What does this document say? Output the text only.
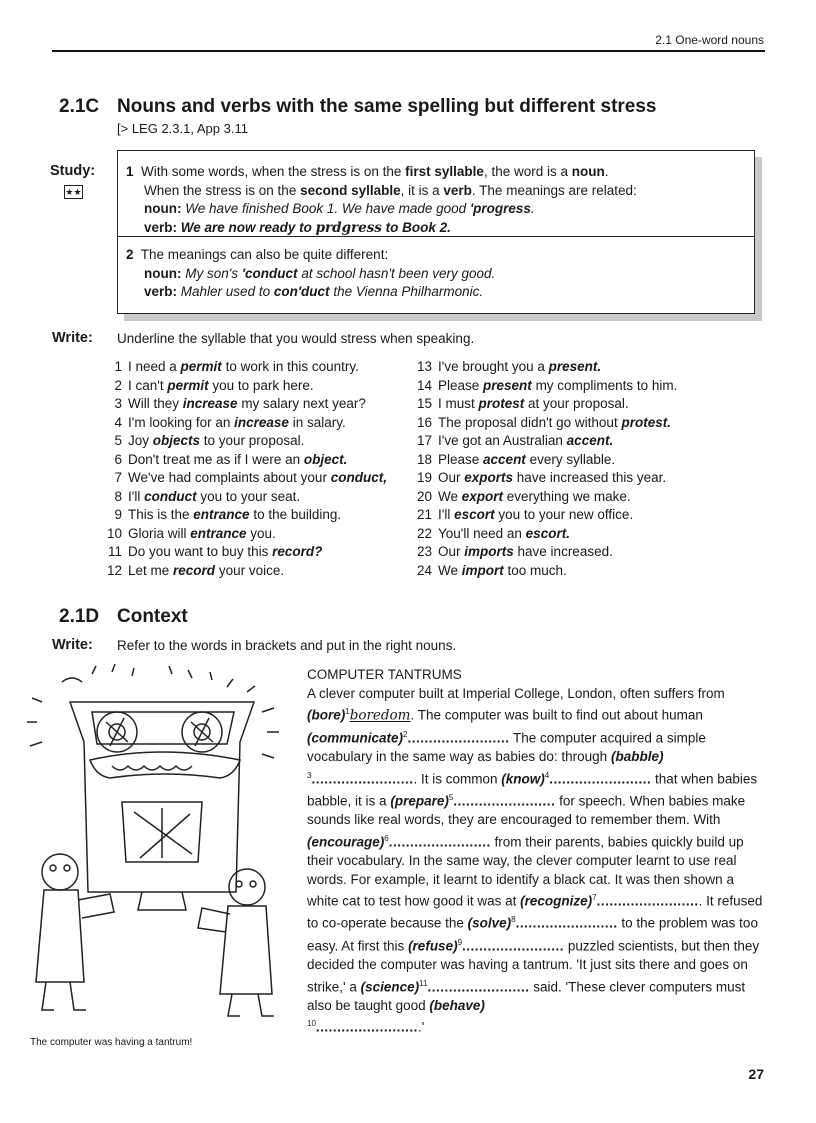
2.1 One-word nouns
2.1C Nouns and verbs with the same spelling but different stress
[> LEG 2.3.1, App 3.11
Study:
★★

1 With some words, when the stress is on the first syllable, the word is a noun.

When the stress is on the second syllable, it is a verb. The meanings are related:

noun: We have finished Book 1. We have made good 'progress.

verb: We are now ready to prdgress to Book 2.

2 The meanings can also be quite different:

noun: My son's 'conduct at school hasn't been very good.

verb: Mahler used to con'duct the Vienna Philharmonic.

Write: Underline the syllable that you would stress when speaking.
1 I need a permit to work in this country.
2 I can't permit you to park here.
3 Will they increase my salary next year?
4 I'm looking for an increase in salary.
5 Joy objects to your proposal.
6 Don't treat me as if I were an object.
7 We've had complaints about your conduct,
8 I'll conduct you to your seat.
9 This is the entrance to the building.
10 Gloria will entrance you.
11 Do you want to buy this record?
12 Let me record your voice.
13 I've brought you a present.
14 Please present my compliments to him.
15 I must protest at your proposal.
16 The proposal didn't go without protest.
17 I've got an Australian accent.
18 Please accent every syllable.
19 Our exports have increased this year.
20 We export everything we make.
21 I'll escort you to your new office.
22 You'll need an escort.
23 Our imports have increased.
24 We import too much.
2.1D Context
Write: Refer to the words in brackets and put in the right nouns.

COMPUTER TANTRUMS

A clever computer built at Imperial College, London, often suffers from (bore)$^1$boredom. The computer was built to find out about human (communicate)$^2$........................ The computer acquired a simple vocabulary in the same way as babies do: through (babble) $^3$......................... It is common (know)$^4$........................ that when babies babble, it is a (prepare)$^5$........................ for speech. When babies make sounds like real words, they are encouraged to remember them. With (encourage)$^6$........................ from their parents, babies quickly build up their vocabulary. In the same way, the clever computer learnt to use real words. For example, it learnt to identify a black cat. It was then shown a white cat to test how good it was at (recognize)$^7$......................... It refused to co-operate because the (solve)$^8$........................ to the problem was too easy. At first this (refuse)$^9$........................ puzzled scientists, but then they decided the computer was having a tantrum. 'It just sits there and goes on strike,' a (science)$^{11}$........................ said. 'These clever computers must also be taught good (behave)

$^{10}$.........................'

The computer was having a tantrum!
27
